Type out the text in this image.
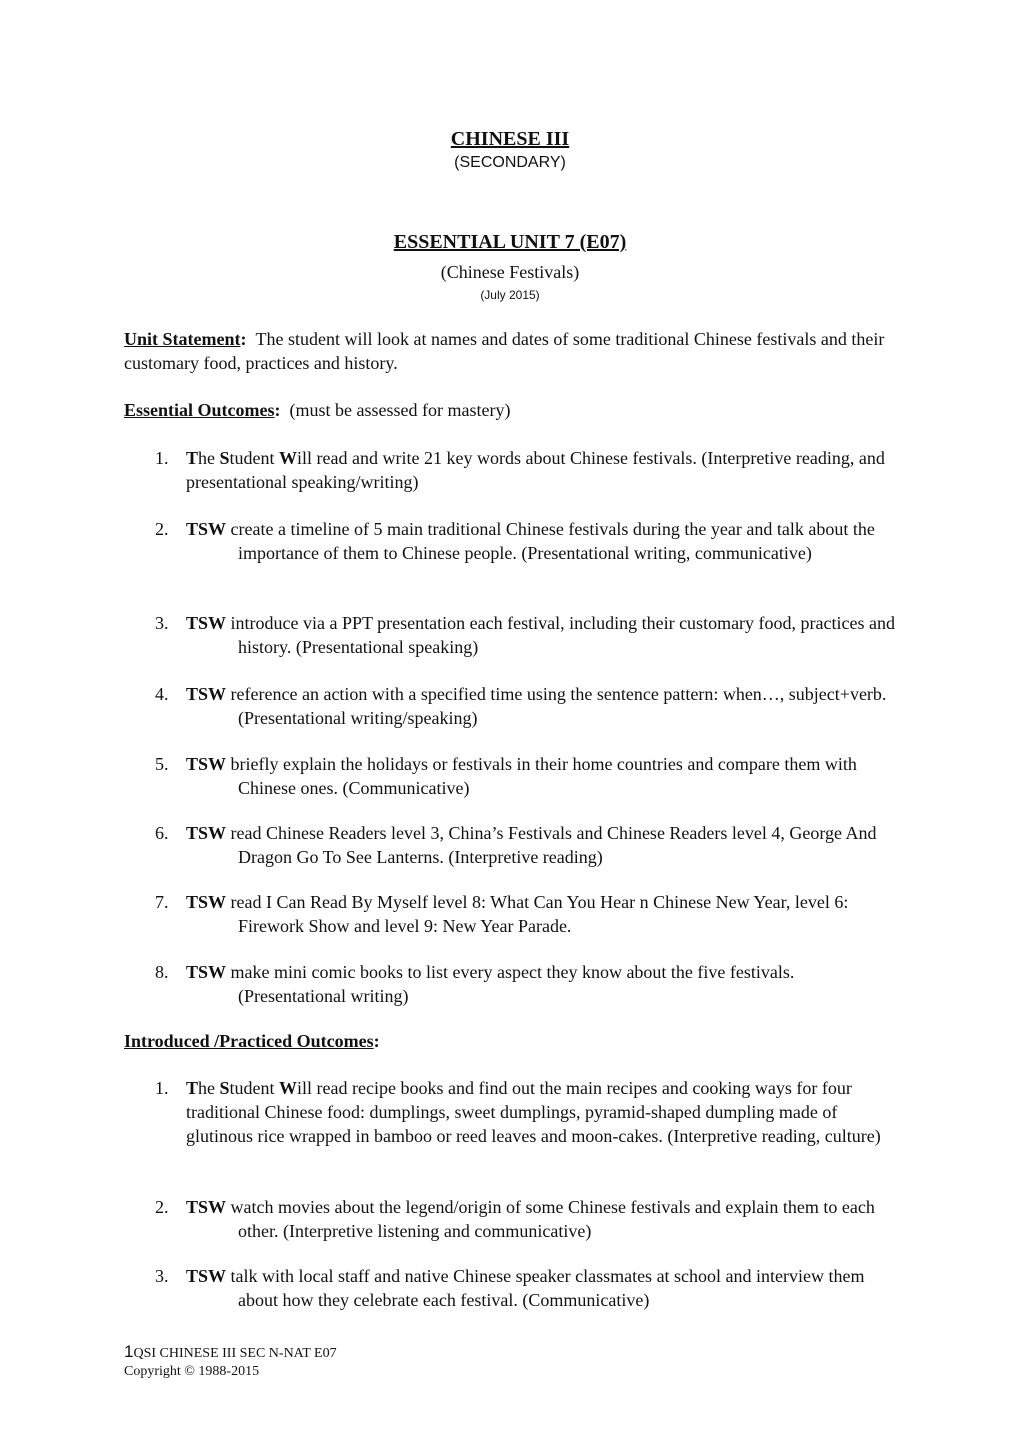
CHINESE III
(SECONDARY)
ESSENTIAL UNIT 7 (E07)
(Chinese Festivals)
(July 2015)
Unit Statement: The student will look at names and dates of some traditional Chinese festivals and their customary food, practices and history.
Essential Outcomes: (must be assessed for mastery)
1. The Student Will read and write 21 key words about Chinese festivals. (Interpretive reading, and presentational speaking/writing)
2. TSW create a timeline of 5 main traditional Chinese festivals during the year and talk about the importance of them to Chinese people. (Presentational writing, communicative)
3. TSW introduce via a PPT presentation each festival, including their customary food, practices and history. (Presentational speaking)
4. TSW reference an action with a specified time using the sentence pattern: when…, subject+verb. (Presentational writing/speaking)
5. TSW briefly explain the holidays or festivals in their home countries and compare them with Chinese ones. (Communicative)
6. TSW read Chinese Readers level 3, China’s Festivals and Chinese Readers level 4, George And Dragon Go To See Lanterns. (Interpretive reading)
7. TSW read I Can Read By Myself level 8: What Can You Hear n Chinese New Year, level 6: Firework Show and level 9: New Year Parade.
8. TSW make mini comic books to list every aspect they know about the five festivals. (Presentational writing)
Introduced /Practiced Outcomes:
1. The Student Will read recipe books and find out the main recipes and cooking ways for four traditional Chinese food: dumplings, sweet dumplings, pyramid-shaped dumpling made of glutinous rice wrapped in bamboo or reed leaves and moon-cakes. (Interpretive reading, culture)
2. TSW watch movies about the legend/origin of some Chinese festivals and explain them to each other. (Interpretive listening and communicative)
3. TSW talk with local staff and native Chinese speaker classmates at school and interview them about how they celebrate each festival. (Communicative)
1QSI CHINESE III SEC N-NAT E07
Copyright © 1988-2015
